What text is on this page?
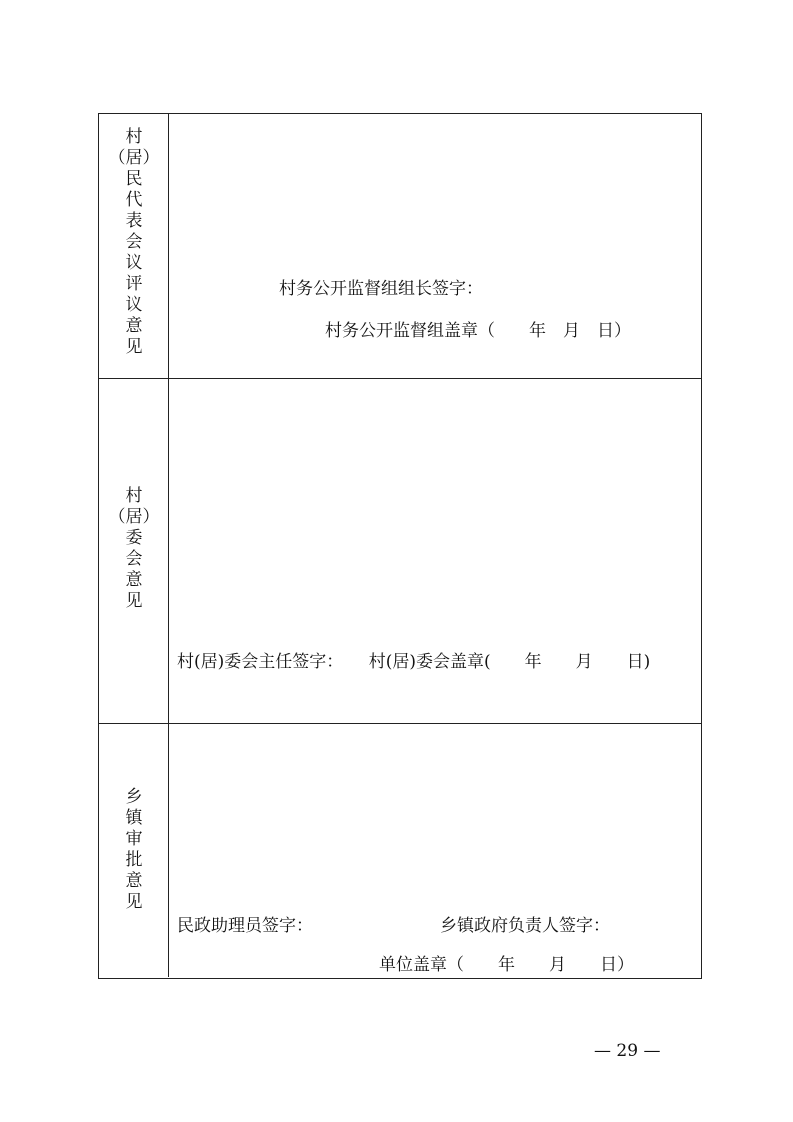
村
（居）
民
代
表
会
议
评
议
意
见
村务公开监督组组长签字：
村务公开监督组盖章（　　年　月　日）
村
（居）
委
会
意
见
村(居)委会主任签字：　　村(居)委会盖章(　　年　　月　　日)
乡
镇
审
批
意
见
民政助理员签字：	乡镇政府负责人签字：
单位盖章（　　年　　月　　日）
— 29 —
